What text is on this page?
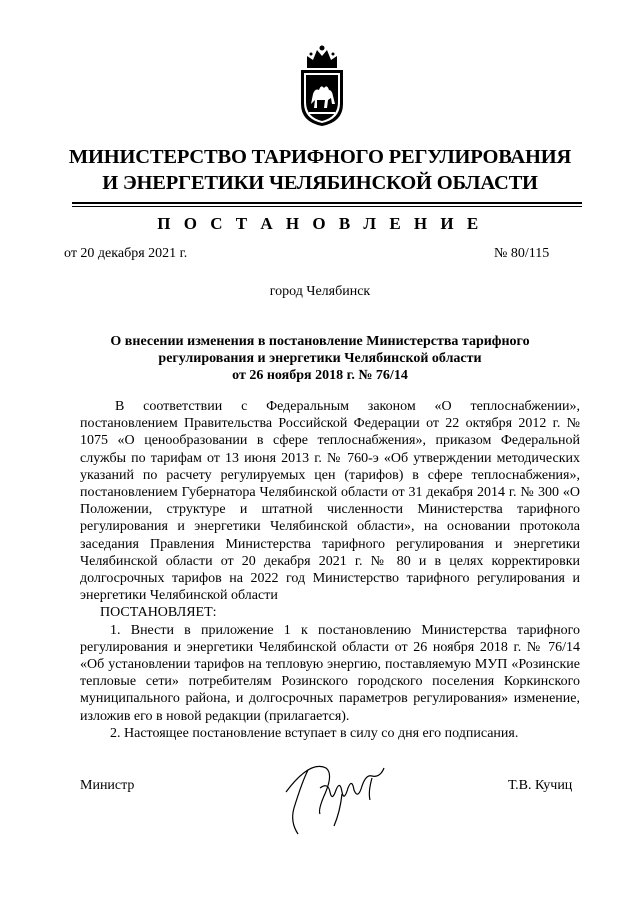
МИНИСТЕРСТВО ТАРИФНОГО РЕГУЛИРОВАНИЯ
И ЭНЕРГЕТИКИ ЧЕЛЯБИНСКОЙ ОБЛАСТИ
П О С Т А Н О В Л Е Н И Е
от 20 декабря 2021 г.	№ 80/115
город Челябинск
О внесении изменения в постановление Министерства тарифного
регулирования и энергетики Челябинской области
от 26 ноября 2018 г. № 76/14

В соответствии с Федеральным законом «О теплоснабжении», постановлением Правительства Российской Федерации от 22 октября 2012 г. № 1075 «О ценообразовании в сфере теплоснабжения», приказом Федеральной службы по тарифам от 13 июня 2013 г. № 760-э «Об утверждении методических указаний по расчету регулируемых цен (тарифов) в сфере теплоснабжения», постановлением Губернатора Челябинской области от 31 декабря 2014 г. № 300 «О Положении, структуре и штатной численности Министерства тарифного регулирования и энергетики Челябинской области», на основании протокола заседания Правления Министерства тарифного регулирования и энергетики Челябинской области от 20 декабря 2021 г. № 80 и в целях корректировки долгосрочных тарифов на 2022 год Министерство тарифного регулирования и энергетики Челябинской области

ПОСТАНОВЛЯЕТ:

1. Внести в приложение 1 к постановлению Министерства тарифного регулирования и энергетики Челябинской области от 26 ноября 2018 г. № 76/14 «Об установлении тарифов на тепловую энергию, поставляемую МУП «Розинские тепловые сети» потребителям Розинского городского поселения Коркинского муниципального района, и долгосрочных параметров регулирования» изменение, изложив его в новой редакции (прилагается).

2. Настоящее постановление вступает в силу со дня его подписания.

Министр	Т.В. Кучиц
